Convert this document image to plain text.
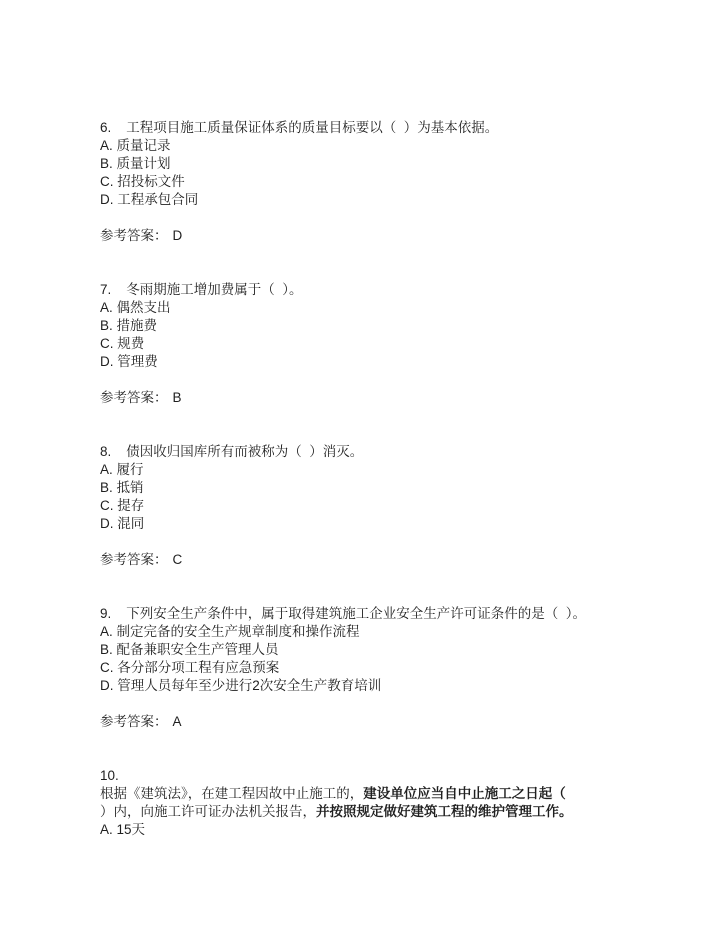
6. 工程项目施工质量保证体系的质量目标要以（  ）为基本依据。
A. 质量记录
B. 质量计划
C. 招投标文件
D. 工程承包合同
参考答案： D
7. 冬雨期施工增加费属于（  ）。
A. 偶然支出
B. 措施费
C. 规费
D. 管理费
参考答案： B
8. 债因收归国库所有而被称为（  ）消灭。
A. 履行
B. 抵销
C. 提存
D. 混同
参考答案： C
9. 下列安全生产条件中，属于取得建筑施工企业安全生产许可证条件的是（  ）。
A. 制定完备的安全生产规章制度和操作流程
B. 配备兼职安全生产管理人员
C. 各分部分项工程有应急预案
D. 管理人员每年至少进行2次安全生产教育培训
参考答案： A
10.
根据《建筑法》，在建工程因故中止施工的，建设单位应当自中止施工之日起（
）内，向施工许可证办法机关报告，并按照规定做好建筑工程的维护管理工作。
A. 15天
